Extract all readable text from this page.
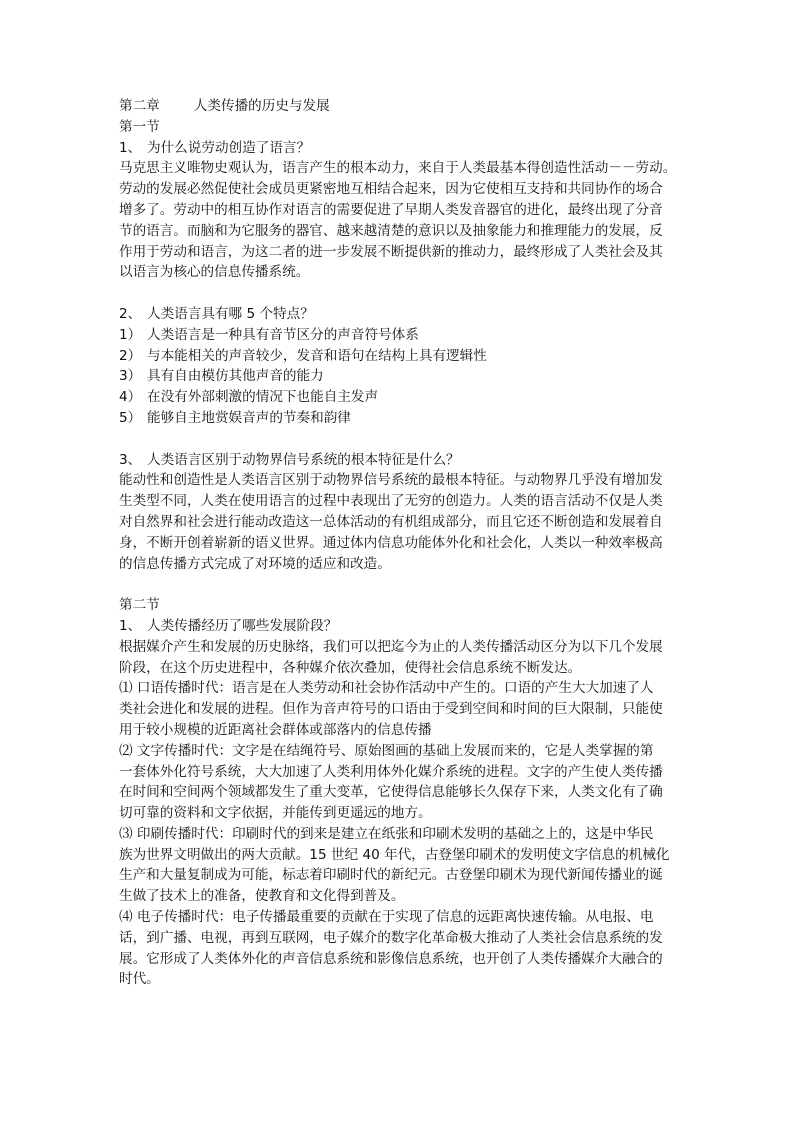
第二章	人类传播的历史与发展
第一节
1、 为什么说劳动创造了语言？
马克思主义唯物史观认为，语言产生的根本动力，来自于人类最基本得创造性活动－－劳动。
劳动的发展必然促使社会成员更紧密地互相结合起来，因为它使相互支持和共同协作的场合
增多了。劳动中的相互协作对语言的需要促进了早期人类发音器官的进化，最终出现了分音
节的语言。而脑和为它服务的器官、越来越清楚的意识以及抽象能力和推理能力的发展，反
作用于劳动和语言，为这二者的进一步发展不断提供新的推动力，最终形成了人类社会及其
以语言为核心的信息传播系统。
2、 人类语言具有哪 5 个特点？
1） 人类语言是一种具有音节区分的声音符号体系
2） 与本能相关的声音较少，发音和语句在结构上具有逻辑性
3） 具有自由模仿其他声音的能力
4） 在没有外部刺激的情况下也能自主发声
5） 能够自主地赏娱音声的节奏和韵律
3、 人类语言区别于动物界信号系统的根本特征是什么？
能动性和创造性是人类语言区别于动物界信号系统的最根本特征。与动物界几乎没有增加发
生类型不同，人类在使用语言的过程中表现出了无穷的创造力。人类的语言活动不仅是人类
对自然界和社会进行能动改造这一总体活动的有机组成部分，而且它还不断创造和发展着自
身，不断开创着崭新的语义世界。通过体内信息功能体外化和社会化，人类以一种效率极高
的信息传播方式完成了对环境的适应和改造。
第二节
1、 人类传播经历了哪些发展阶段？
根据媒介产生和发展的历史脉络，我们可以把迄今为止的人类传播活动区分为以下几个发展
阶段，在这个历史进程中，各种媒介依次叠加，使得社会信息系统不断发达。
⑴ 口语传播时代：语言是在人类劳动和社会协作活动中产生的。口语的产生大大加速了人
类社会进化和发展的进程。但作为音声符号的口语由于受到空间和时间的巨大限制，只能使
用于较小规模的近距离社会群体或部落内的信息传播
⑵ 文字传播时代：文字是在结绳符号、原始图画的基础上发展而来的，它是人类掌握的第
一套体外化符号系统，大大加速了人类利用体外化媒介系统的进程。文字的产生使人类传播
在时间和空间两个领域都发生了重大变革，它使得信息能够长久保存下来，人类文化有了确
切可靠的资料和文字依据，并能传到更遥远的地方。
⑶ 印刷传播时代：印刷时代的到来是建立在纸张和印刷术发明的基础之上的，这是中华民
族为世界文明做出的两大贡献。15 世纪 40 年代，古登堡印刷术的发明使文字信息的机械化
生产和大量复制成为可能，标志着印刷时代的新纪元。古登堡印刷术为现代新闻传播业的诞
生做了技术上的准备，使教育和文化得到普及。
⑷ 电子传播时代：电子传播最重要的贡献在于实现了信息的远距离快速传输。从电报、电
话，到广播、电视，再到互联网，电子媒介的数字化革命极大推动了人类社会信息系统的发
展。它形成了人类体外化的声音信息系统和影像信息系统，也开创了人类传播媒介大融合的
时代。
